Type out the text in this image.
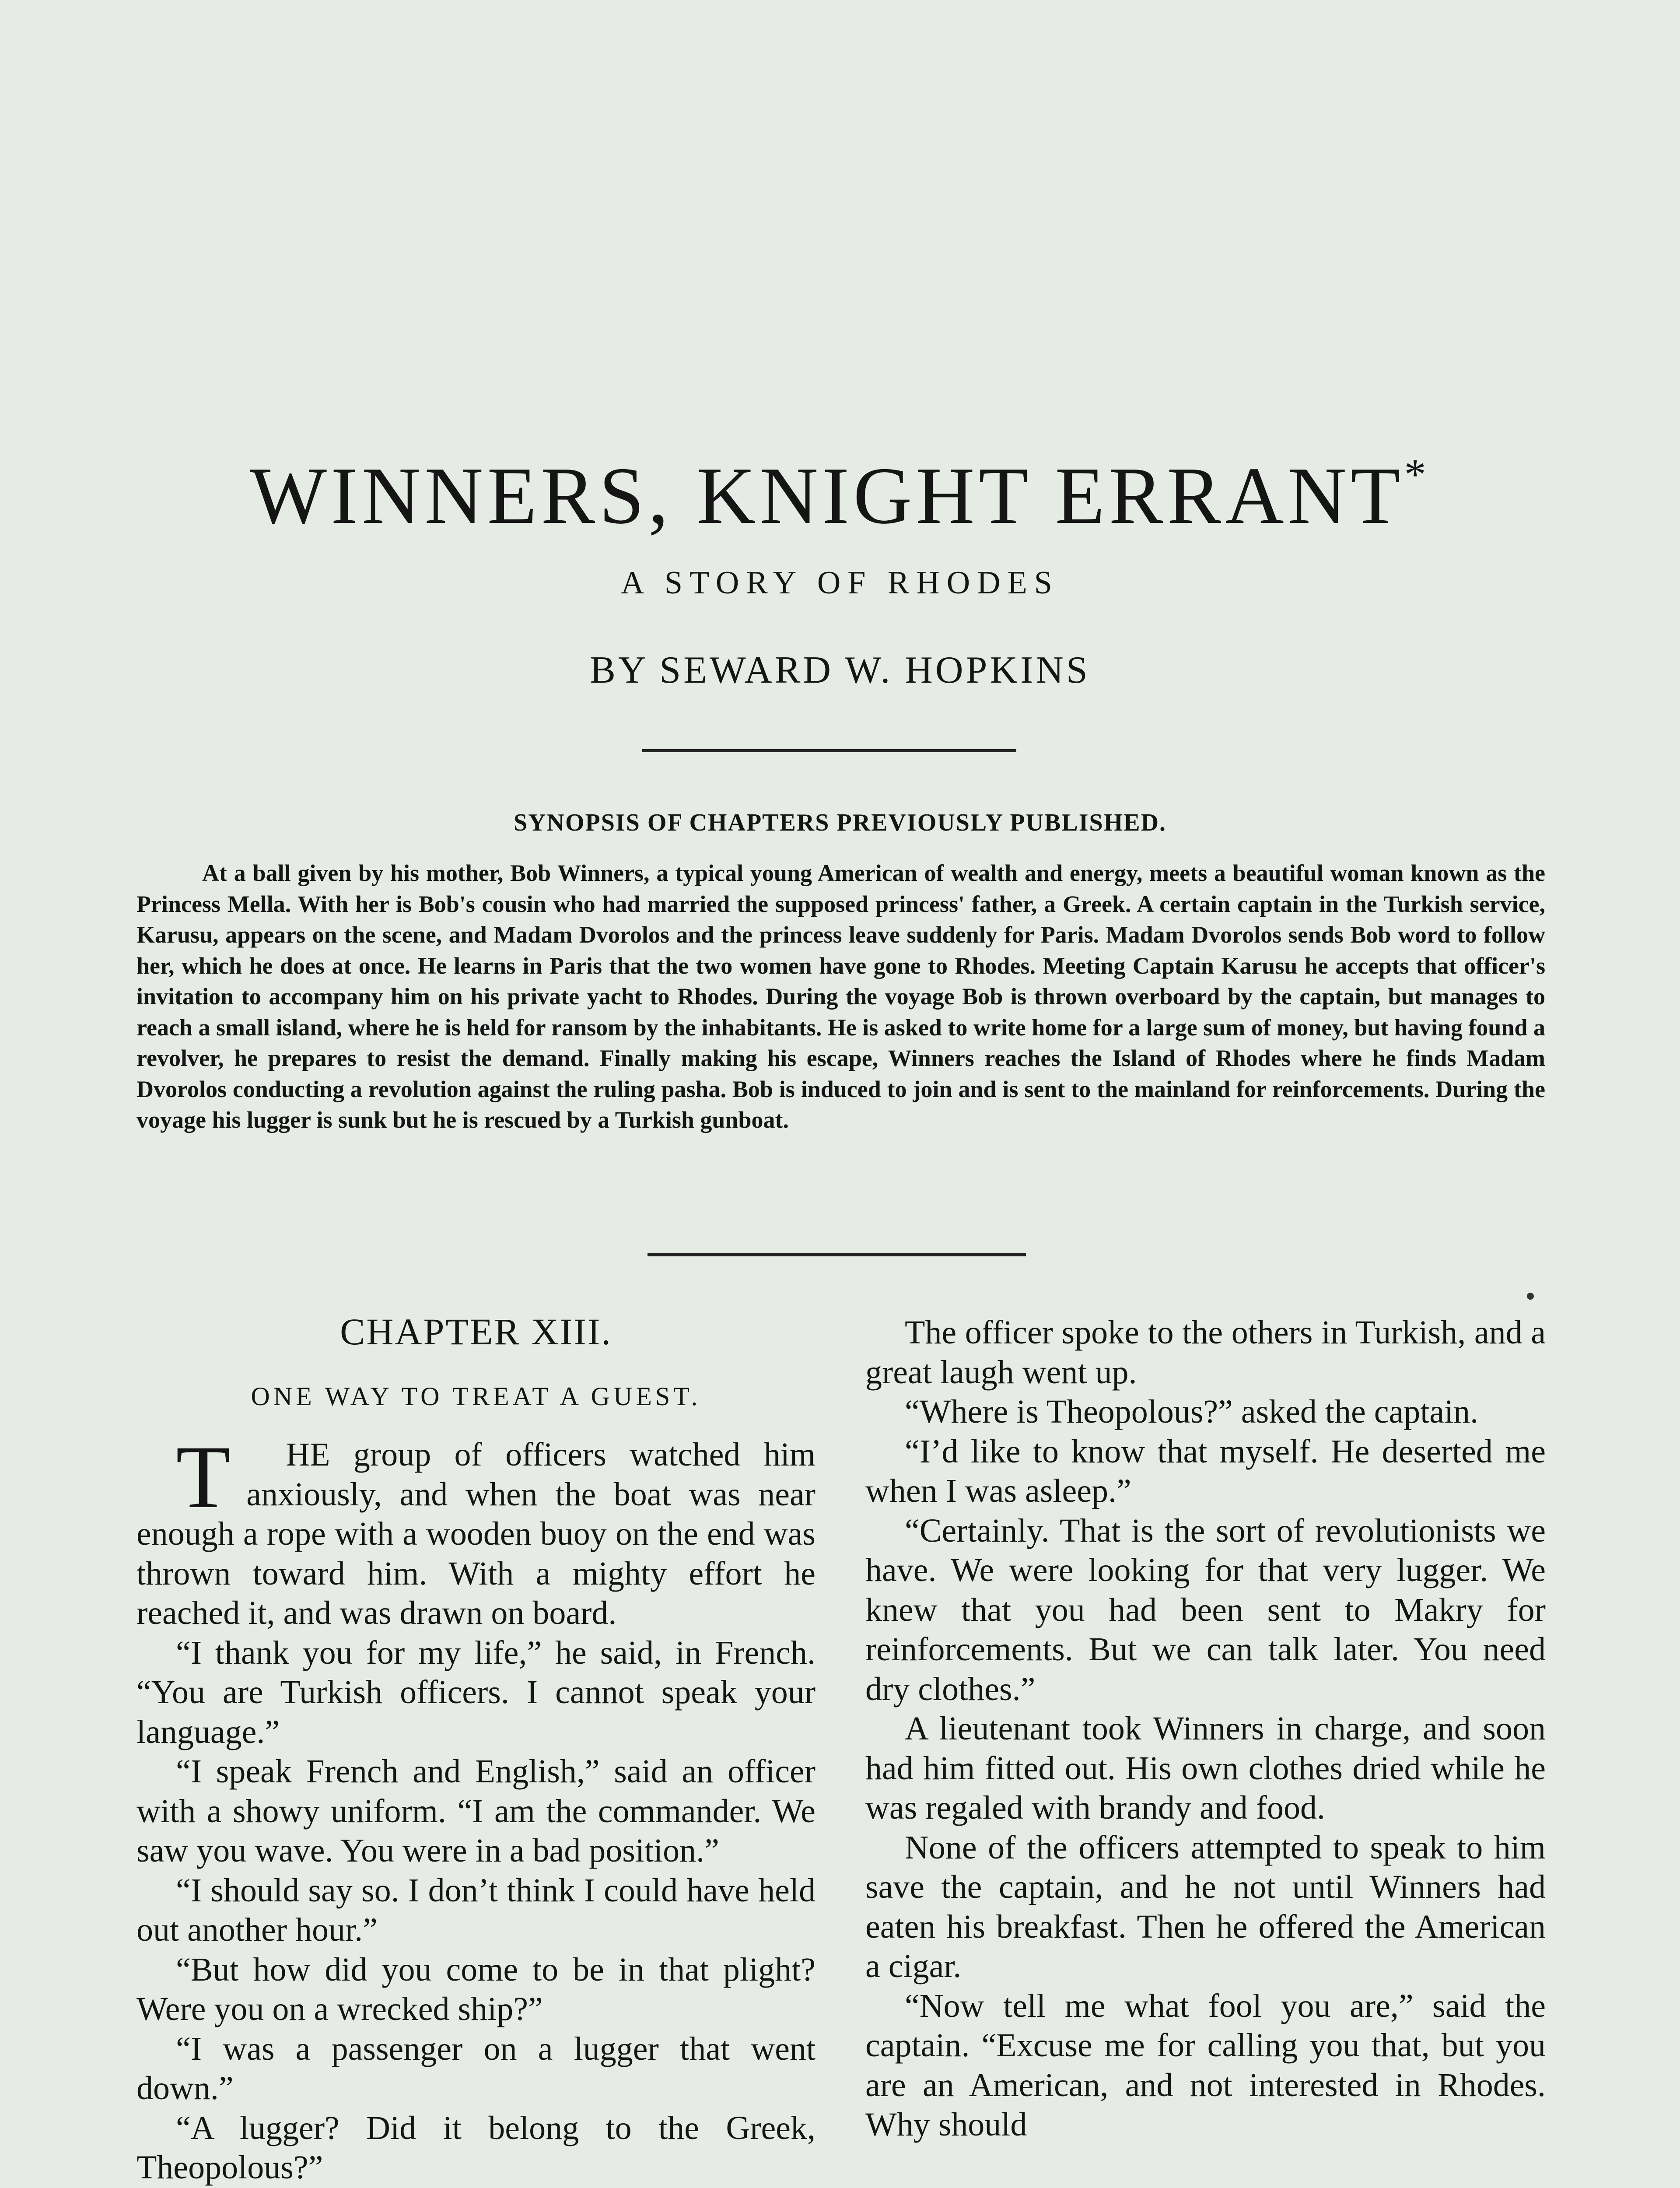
WINNERS, KNIGHT ERRANT*
A STORY OF RHODES
BY SEWARD W. HOPKINS
SYNOPSIS OF CHAPTERS PREVIOUSLY PUBLISHED.
At a ball given by his mother, Bob Winners, a typical young American of wealth and energy, meets a beautiful woman known as the Princess Mella. With her is Bob's cousin who had married the supposed princess' father, a Greek. A certain captain in the Turkish service, Karusu, appears on the scene, and Madam Dvorolos and the princess leave suddenly for Paris. Madam Dvorolos sends Bob word to follow her, which he does at once. He learns in Paris that the two women have gone to Rhodes. Meeting Captain Karusu he accepts that officer's invitation to accompany him on his private yacht to Rhodes. During the voyage Bob is thrown overboard by the captain, but manages to reach a small island, where he is held for ransom by the inhabitants. He is asked to write home for a large sum of money, but having found a revolver, he prepares to resist the demand. Finally making his escape, Winners reaches the Island of Rhodes where he finds Madam Dvorolos conducting a revolution against the ruling pasha. Bob is induced to join and is sent to the mainland for reinforcements. During the voyage his lugger is sunk but he is rescued by a Turkish gunboat.
CHAPTER XIII.
ONE WAY TO TREAT A GUEST.

T HE group of officers watched him anxiously, and when the boat was near enough a rope with a wooden buoy on the end was thrown toward him. With a mighty effort he reached it, and was drawn on board.

“I thank you for my life,” he said, in French. “You are Turkish officers. I cannot speak your language.”

“I speak French and English,” said an officer with a showy uniform. “I am the commander. We saw you wave. You were in a bad position.”

“I should say so. I don’t think I could have held out another hour.”

“But how did you come to be in that plight? Were you on a wrecked ship?”

“I was a passenger on a lugger that went down.”

“A lugger? Did it belong to the Greek, Theopolous?”

The officer spoke to the others in Turkish, and a great laugh went up.

“Where is Theopolous?” asked the captain.

“I’d like to know that myself. He deserted me when I was asleep.”

“Certainly. That is the sort of revolutionists we have. We were looking for that very lugger. We knew that you had been sent to Makry for reinforcements. But we can talk later. You need dry clothes.”

A lieutenant took Winners in charge, and soon had him fitted out. His own clothes dried while he was regaled with brandy and food.

None of the officers attempted to speak to him save the captain, and he not until Winners had eaten his breakfast. Then he offered the American a cigar.

“Now tell me what fool you are,” said the captain. “Excuse me for calling you that, but you are an American, and not interested in Rhodes. Why should
